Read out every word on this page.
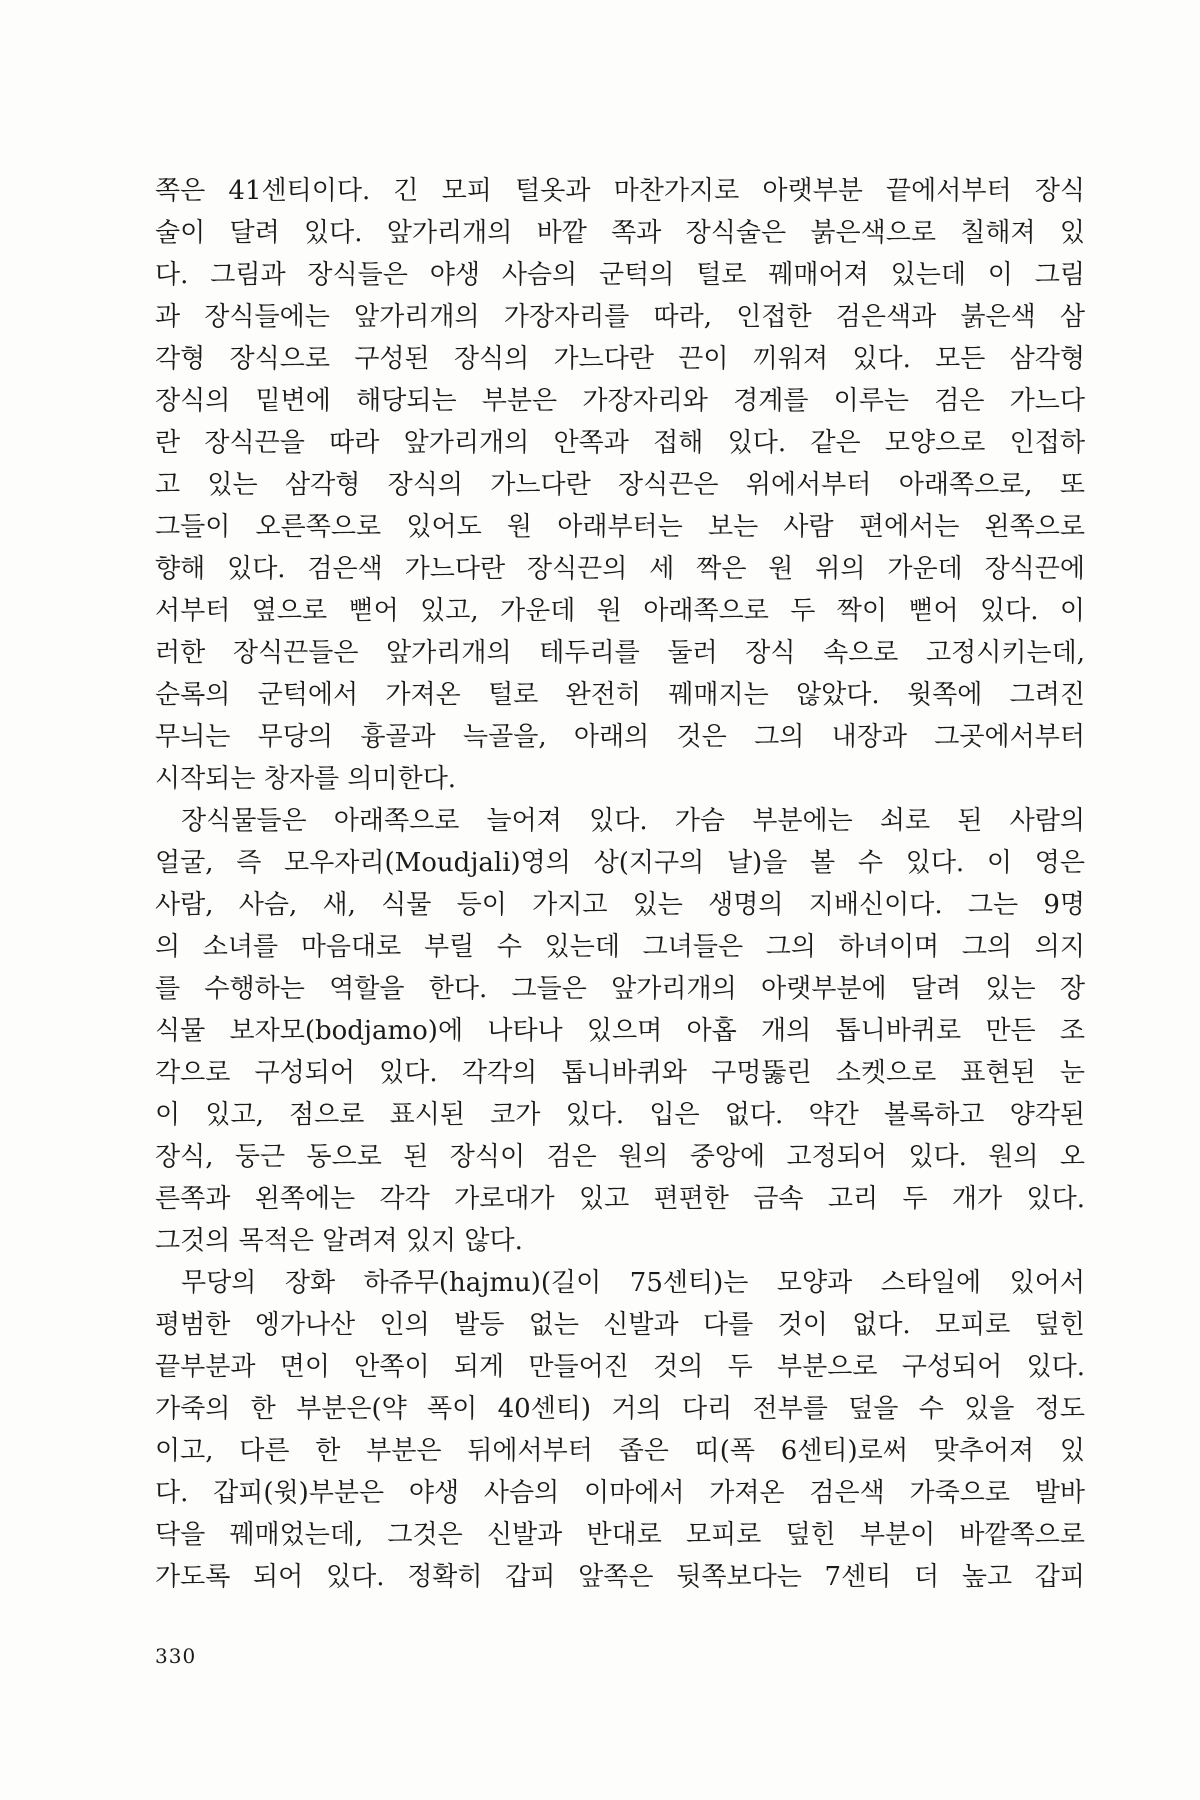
쪽은 41센티이다. 긴 모피 털옷과 마찬가지로 아랫부분 끝에서부터 장식
술이 달려 있다. 앞가리개의 바깥 쪽과 장식술은 붉은색으로 칠해져 있
다. 그림과 장식들은 야생 사슴의 군턱의 털로 꿰매어져 있는데 이 그림
과 장식들에는 앞가리개의 가장자리를 따라, 인접한 검은색과 붉은색 삼
각형 장식으로 구성된 장식의 가느다란 끈이 끼워져 있다. 모든 삼각형
장식의 밑변에 해당되는 부분은 가장자리와 경계를 이루는 검은 가느다
란 장식끈을 따라 앞가리개의 안쪽과 접해 있다. 같은 모양으로 인접하
고 있는 삼각형 장식의 가느다란 장식끈은 위에서부터 아래쪽으로, 또
그들이 오른쪽으로 있어도 원 아래부터는 보는 사람 편에서는 왼쪽으로
향해 있다. 검은색 가느다란 장식끈의 세 짝은 원 위의 가운데 장식끈에
서부터 옆으로 뻗어 있고, 가운데 원 아래쪽으로 두 짝이 뻗어 있다. 이
러한 장식끈들은 앞가리개의 테두리를 둘러 장식 속으로 고정시키는데,
순록의 군턱에서 가져온 털로 완전히 꿰매지는 않았다. 윗쪽에 그려진
무늬는 무당의 흉골과 늑골을, 아래의 것은 그의 내장과 그곳에서부터
시작되는 창자를 의미한다.
장식물들은 아래쪽으로 늘어져 있다. 가슴 부분에는 쇠로 된 사람의
얼굴, 즉 모우자리(Moudjali)영의 상(지구의 날)을 볼 수 있다. 이 영은
사람, 사슴, 새, 식물 등이 가지고 있는 생명의 지배신이다. 그는 9명
의 소녀를 마음대로 부릴 수 있는데 그녀들은 그의 하녀이며 그의 의지
를 수행하는 역할을 한다. 그들은 앞가리개의 아랫부분에 달려 있는 장
식물 보자모(bodjamo)에 나타나 있으며 아홉 개의 톱니바퀴로 만든 조
각으로 구성되어 있다. 각각의 톱니바퀴와 구멍뚫린 소켓으로 표현된 눈
이 있고, 점으로 표시된 코가 있다. 입은 없다. 약간 볼록하고 양각된
장식, 둥근 동으로 된 장식이 검은 원의 중앙에 고정되어 있다. 원의 오
른쪽과 왼쪽에는 각각 가로대가 있고 편편한 금속 고리 두 개가 있다.
그것의 목적은 알려져 있지 않다.
무당의 장화 하쥬무(hajmu)(길이 75센티)는 모양과 스타일에 있어서
평범한 엥가나산 인의 발등 없는 신발과 다를 것이 없다. 모피로 덮힌
끝부분과 면이 안쪽이 되게 만들어진 것의 두 부분으로 구성되어 있다.
가죽의 한 부분은(약 폭이 40센티) 거의 다리 전부를 덮을 수 있을 정도
이고, 다른 한 부분은 뒤에서부터 좁은 띠(폭 6센티)로써 맞추어져 있
다. 갑피(윗)부분은 야생 사슴의 이마에서 가져온 검은색 가죽으로 발바
닥을 꿰매었는데, 그것은 신발과 반대로 모피로 덮힌 부분이 바깥쪽으로
가도록 되어 있다. 정확히 갑피 앞쪽은 뒷쪽보다는 7센티 더 높고 갑피
330
